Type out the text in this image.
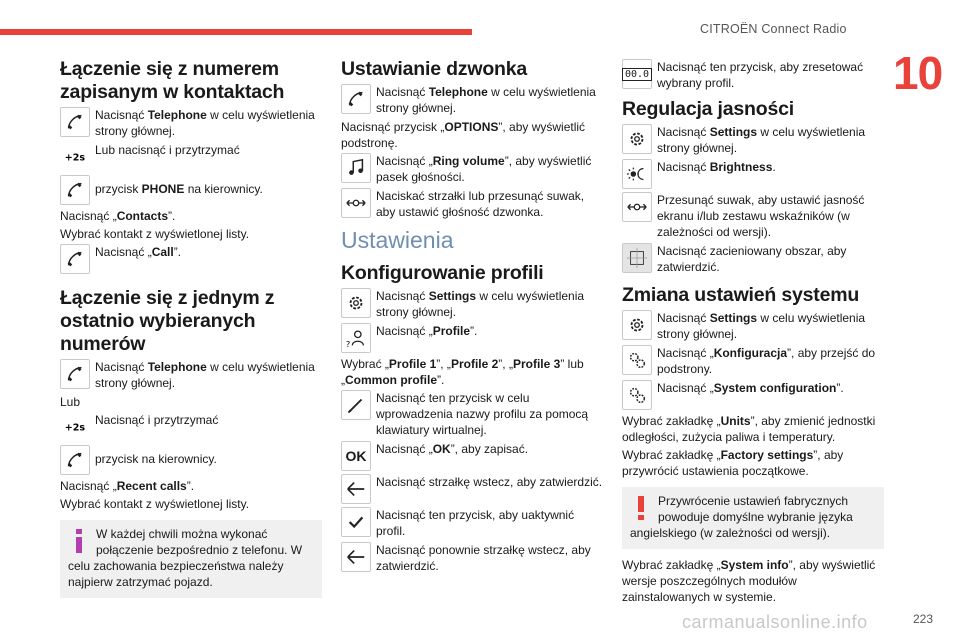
CITROËN Connect Radio
10
Łączenie się z numerem zapisanym w kontaktach
Nacisnąć Telephone w celu wyświetlenia strony głównej.
+2s
Lub nacisnąć i przytrzymać
przycisk PHONE na kierownicy.

Nacisnąć „Contacts”.

Wybrać kontakt z wyświetlonej listy.

Nacisnąć „Call”.
Łączenie się z jednym z ostatnio wybieranych numerów
Nacisnąć Telephone w celu wyświetlenia strony głównej.

Lub

+2s
Nacisnąć i przytrzymać
przycisk na kierownicy.

Nacisnąć „Recent calls”.

Wybrać kontakt z wyświetlonej listy.

W każdej chwili można wykonać połączenie bezpośrednio z telefonu. W celu zachowania bezpieczeństwa należy najpierw zatrzymać pojazd.
Ustawianie dzwonka
Nacisnąć Telephone w celu wyświetlenia strony głównej.

Nacisnąć przycisk „OPTIONS”, aby wyświetlić podstronę.

Nacisnąć „Ring volume”, aby wyświetlić pasek głośności.
Naciskać strzałki lub przesunąć suwak, aby ustawić głośność dzwonka.
Ustawienia
Konfigurowanie profili
Nacisnąć Settings w celu wyświetlenia strony głównej.
?
Nacisnąć „Profile”.

Wybrać „Profile 1”, „Profile 2”, „Profile 3” lub „Common profile”.

Nacisnąć ten przycisk w celu wprowadzenia nazwy profilu za pomocą klawiatury wirtualnej.
OK Nacisnąć „OK”, aby zapisać.
Nacisnąć strzałkę wstecz, aby zatwierdzić.
Nacisnąć ten przycisk, aby uaktywnić profil.
Nacisnąć ponownie strzałkę wstecz, aby zatwierdzić.
00.0 Nacisnąć ten przycisk, aby zresetować wybrany profil.
Regulacja jasności
Nacisnąć Settings w celu wyświetlenia strony głównej.
Nacisnąć Brightness.
Przesunąć suwak, aby ustawić jasność ekranu i/lub zestawu wskaźników (w zależności od wersji).
Nacisnąć zacieniowany obszar, aby zatwierdzić.
Zmiana ustawień systemu
Nacisnąć Settings w celu wyświetlenia strony głównej.
Nacisnąć „Konfiguracja”, aby przejść do podstrony.
Nacisnąć „System configuration”.

Wybrać zakładkę „Units”, aby zmienić jednostki odległości, zużycia paliwa i temperatury.

Wybrać zakładkę „Factory settings”, aby przywrócić ustawienia początkowe.

Przywrócenie ustawień fabrycznych powoduje domyślne wybranie języka angielskiego (w zależności od wersji).

Wybrać zakładkę „System info”, aby wyświetlić wersje poszczególnych modułów zainstalowanych w systemie.

carmanualsonline.info	223
